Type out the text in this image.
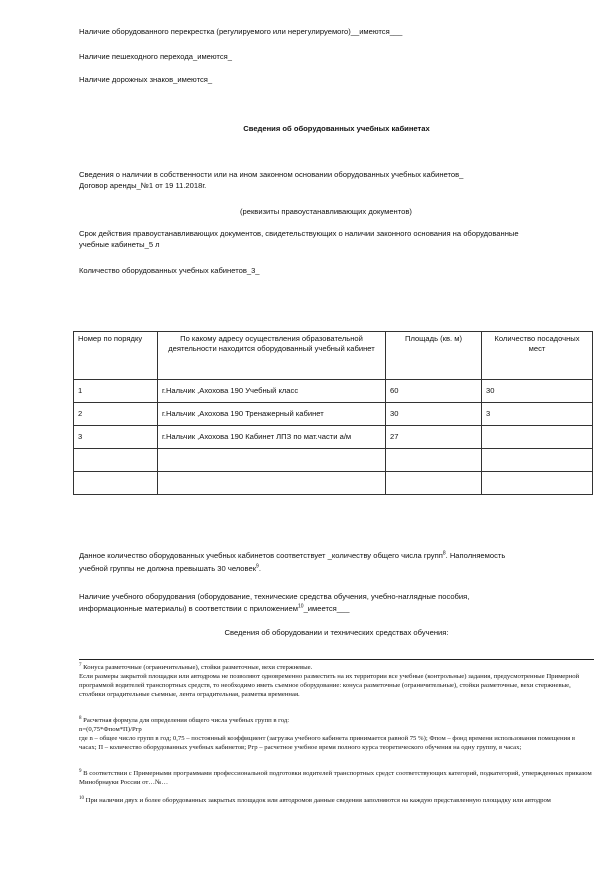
Наличие оборудованного перекрестка (регулируемого или нерегулируемого)__имеются___
Наличие пешеходного перехода_имеются_
Наличие дорожных знаков_имеются_
Сведения об оборудованных учебных кабинетах
Сведения о наличии в собственности или на ином законном основании оборудованных учебных кабинетов_
Договор аренды_№1 от 19 11.2018г.
(реквизиты правоустанавливающих документов)
Срок действия правоустанавливающих документов, свидетельствующих о наличии законного основания на оборудованные
учебные кабинеты_5 л
Количество оборудованных учебных кабинетов_3_
Номер по порядку	По какому адресу осуществления образовательной деятельности находится оборудованный учебный кабинет	Площадь (кв. м)	Количество посадочных мест
1	г.Нальчик ,Ахохова 190 Учебный класс	60	30
2	г.Нальчик ,Ахохова 190 Тренажерный кабинет	30	3
3	г.Нальчик ,Ахохова 190 Кабинет ЛПЗ по мат.части а/м	27	

Данное количество оборудованных учебных кабинетов соответствует _количеству общего числа групп$^8$. Наполняемость
учебной группы не должна превышать 30 человек$^9$.
Наличие учебного оборудования (оборудование, технические средства обучения, учебно-наглядные пособия,
информационные материалы) в соответствии с приложением$^{10}$_имеется___
Сведения об оборудовании и технических средствах обучения:

$^7$ Конуса разметочные (ограничительные), стойки разметочные, вехи стержневые.

Если размеры закрытой площадки или автодрома не позволяют одновременно разместить на их территории все учебные (контрольные) задания, предусмотренные Примерной программой водителей транспортных средств, то необходимо иметь съемное оборудование: конуса разметочные (ограничительные), стойки разметочные, вехи стержневые, столбики оградительные съемные, лента оградительная, разметка временная.

$^8$ Расчетная формула для определения общего числа учебных групп в год:

n=(0,75*Фпом*П)/Ргр

где n – общее число групп в год; 0,75 – постоянный коэффициент (загрузка учебного кабинета принимается равной 75 %); Фпом – фонд времени использования помещения в часах; П – количество оборудованных учебных кабинетов; Ргр – расчетное учебное время полного курса теоретического обучения на одну группу, в часах;

$^9$ В соответствии с Примерными программами профессиональной подготовки водителей транспортных средст соответствующих категорий, подкатегорий, утвержденных приказом Минобрнауки России от…№…

$^{10}$ При наличии двух и более оборудованных закрытых площадок или автодромов данные сведения заполняются на каждую представленную площадку или автодром
